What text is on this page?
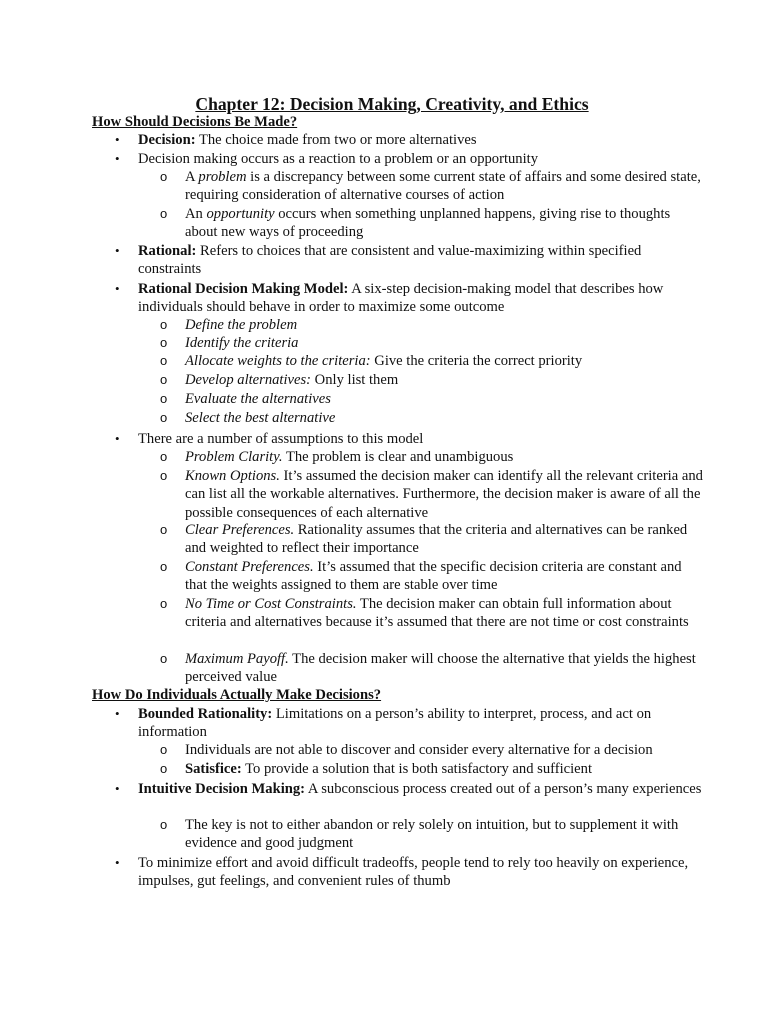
Chapter 12: Decision Making, Creativity, and Ethics
How Should Decisions Be Made?
• Decision: The choice made from two or more alternatives
• Decision making occurs as a reaction to a problem or an opportunity
o A problem is a discrepancy between some current state of affairs and some desired state, requiring consideration of alternative courses of action
o An opportunity occurs when something unplanned happens, giving rise to thoughts about new ways of proceeding
• Rational: Refers to choices that are consistent and value-maximizing within specified constraints
• Rational Decision Making Model: A six-step decision-making model that describes how individuals should behave in order to maximize some outcome
o Define the problem
o Identify the criteria
o Allocate weights to the criteria: Give the criteria the correct priority
o Develop alternatives: Only list them
o Evaluate the alternatives
o Select the best alternative
• There are a number of assumptions to this model
o Problem Clarity. The problem is clear and unambiguous
o Known Options. It’s assumed the decision maker can identify all the relevant criteria and can list all the workable alternatives. Furthermore, the decision maker is aware of all the possible consequences of each alternative
o Clear Preferences. Rationality assumes that the criteria and alternatives can be ranked and weighted to reflect their importance
o Constant Preferences. It’s assumed that the specific decision criteria are constant and that the weights assigned to them are stable over time
o No Time or Cost Constraints. The decision maker can obtain full information about criteria and alternatives because it’s assumed that there are not time or cost constraints
o Maximum Payoff. The decision maker will choose the alternative that yields the highest perceived value
How Do Individuals Actually Make Decisions?
• Bounded Rationality: Limitations on a person’s ability to interpret, process, and act on information
o Individuals are not able to discover and consider every alternative for a decision
o Satisfice: To provide a solution that is both satisfactory and sufficient
• Intuitive Decision Making: A subconscious process created out of a person’s many experiences
o The key is not to either abandon or rely solely on intuition, but to supplement it with evidence and good judgment
• To minimize effort and avoid difficult tradeoffs, people tend to rely too heavily on experience, impulses, gut feelings, and convenient rules of thumb
